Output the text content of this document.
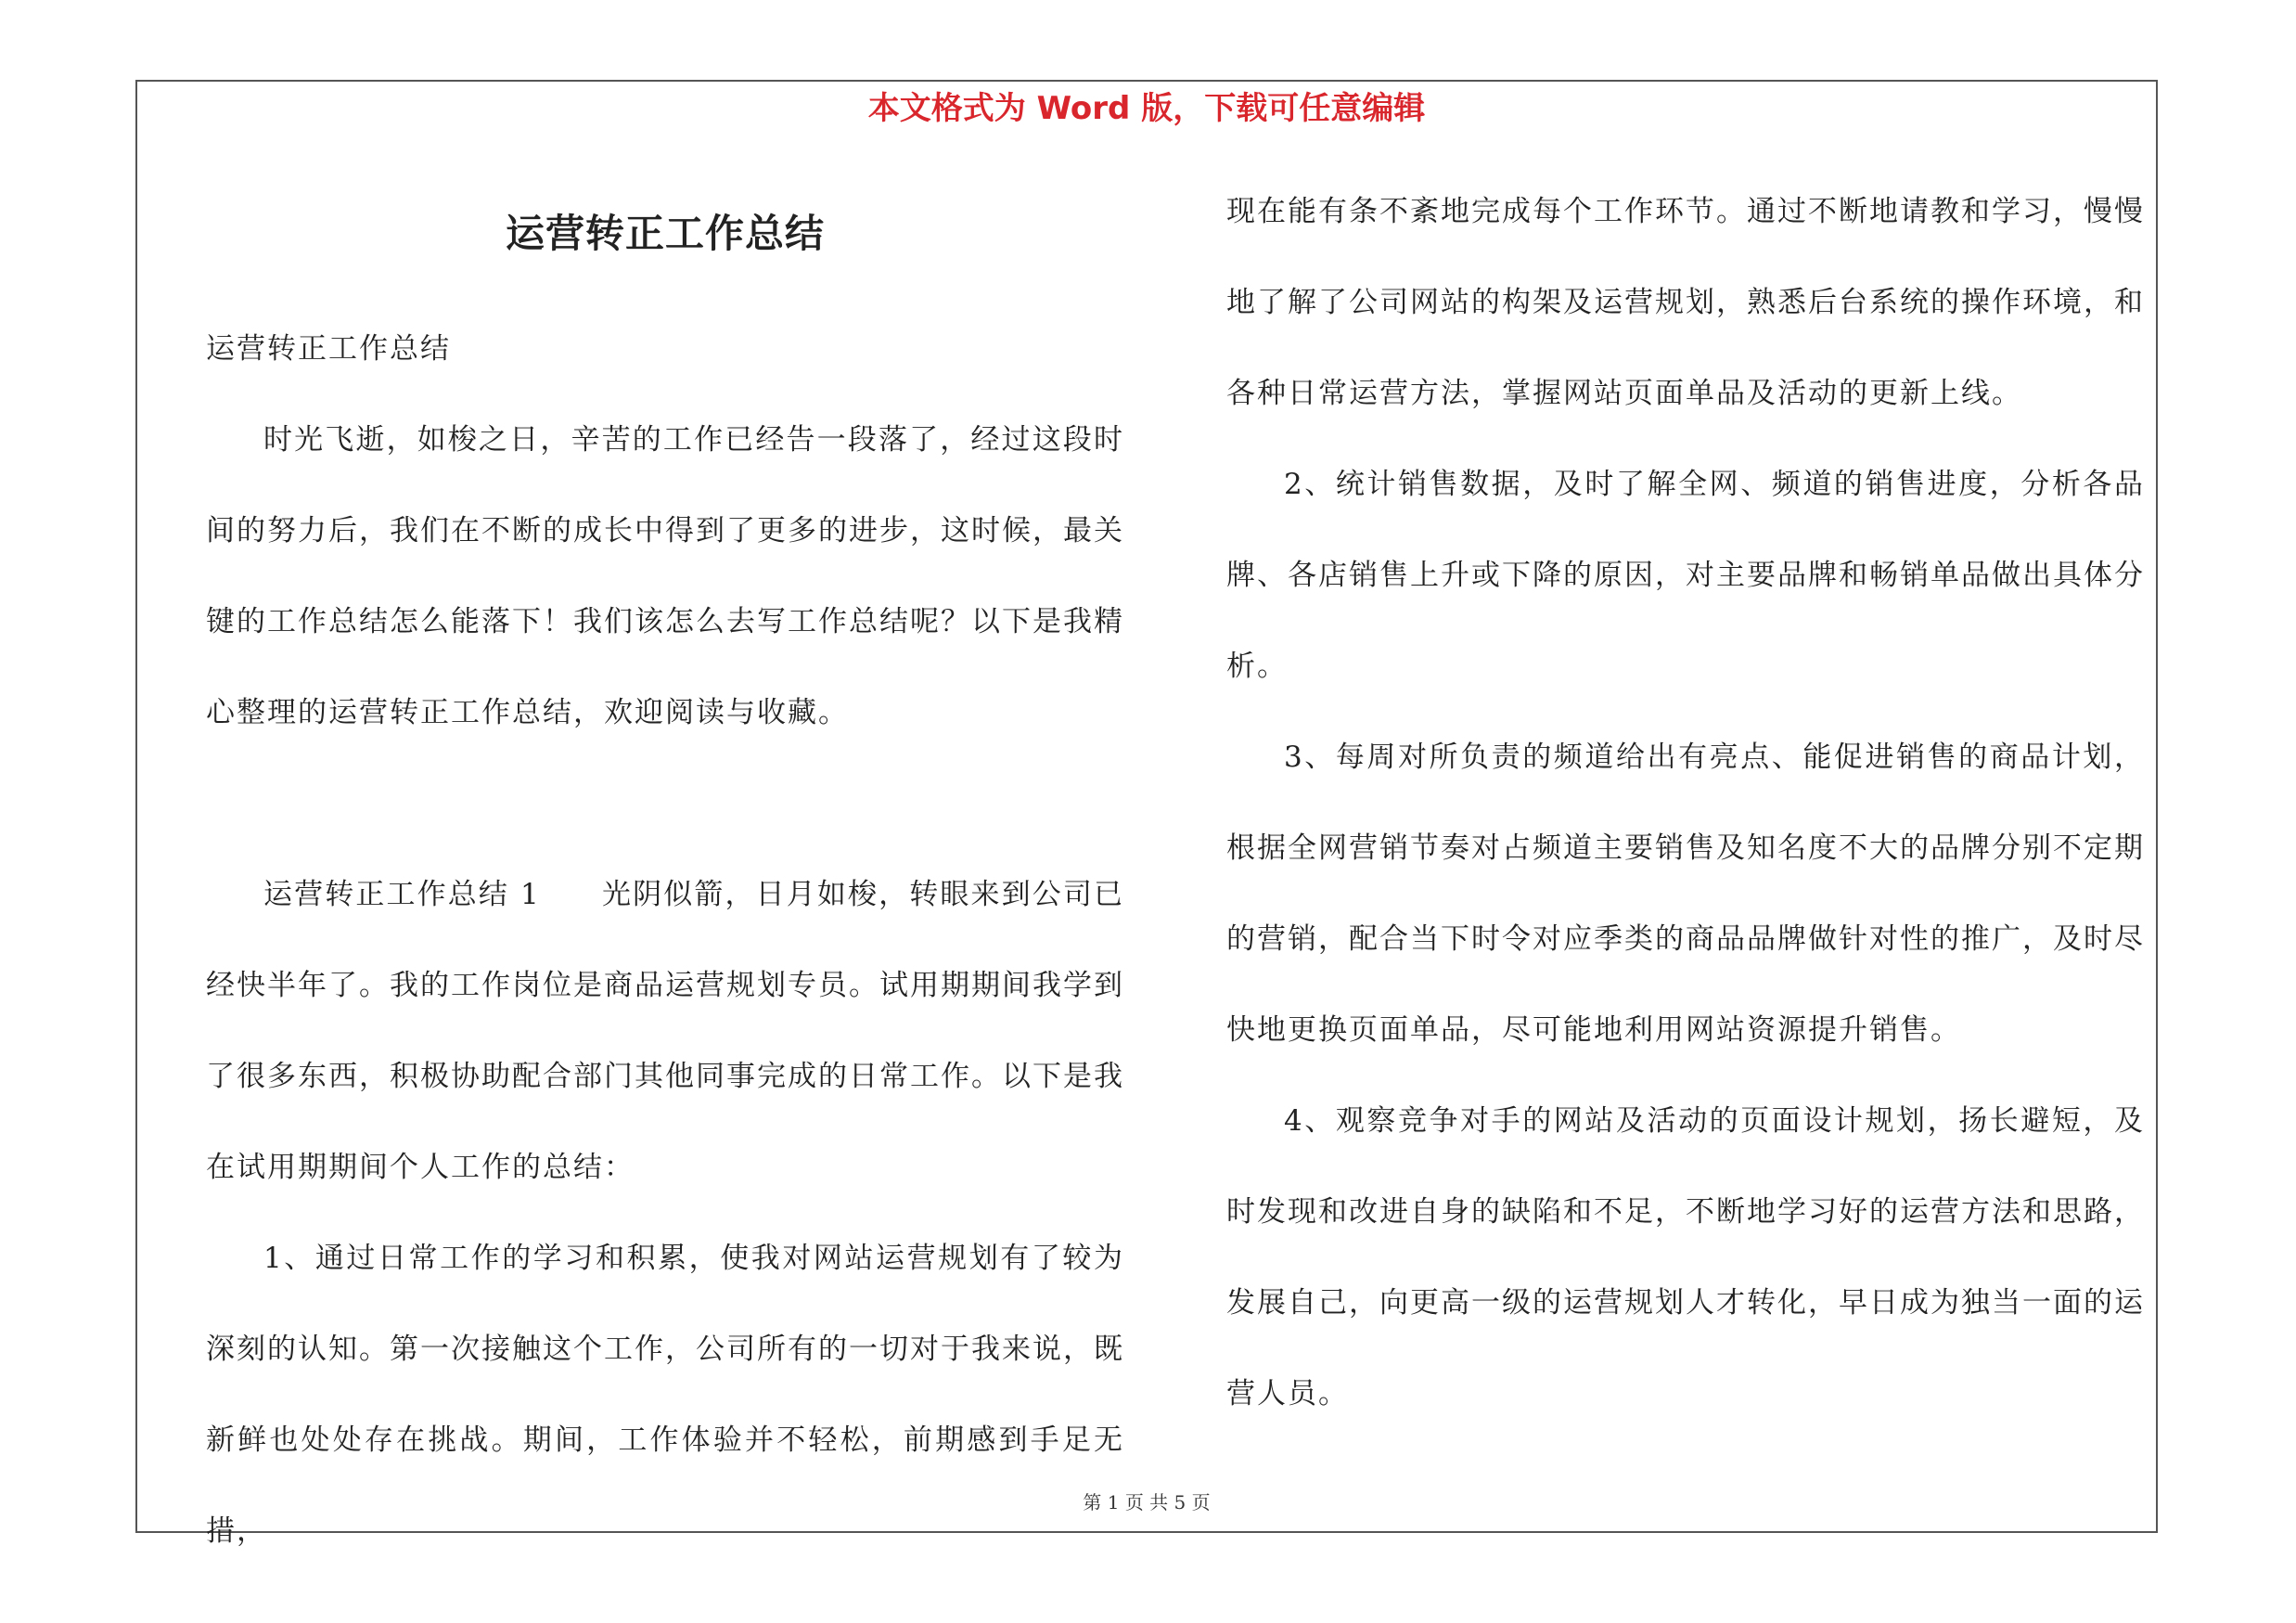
本文格式为 Word 版，下载可任意编辑
运营转正工作总结

运营转正工作总结

时光飞逝，如梭之日，辛苦的工作已经告一段落了，经过这段时间的努力后，我们在不断的成长中得到了更多的进步，这时候，最关键的工作总结怎么能落下！我们该怎么去写工作总结呢？以下是我精心整理的运营转正工作总结，欢迎阅读与收藏。

运营转正工作总结 1　　光阴似箭，日月如梭，转眼来到公司已经快半年了。我的工作岗位是商品运营规划专员。试用期期间我学到了很多东西，积极协助配合部门其他同事完成的日常工作。以下是我在试用期期间个人工作的总结：

1、通过日常工作的学习和积累，使我对网站运营规划有了较为深刻的认知。第一次接触这个工作，公司所有的一切对于我来说，既新鲜也处处存在挑战。期间，工作体验并不轻松，前期感到手足无措，

现在能有条不紊地完成每个工作环节。通过不断地请教和学习，慢慢地了解了公司网站的构架及运营规划，熟悉后台系统的操作环境，和各种日常运营方法，掌握网站页面单品及活动的更新上线。

2、统计销售数据，及时了解全网、频道的销售进度，分析各品牌、各店销售上升或下降的原因，对主要品牌和畅销单品做出具体分析。

3、每周对所负责的频道给出有亮点、能促进销售的商品计划，根据全网营销节奏对占频道主要销售及知名度不大的品牌分别不定期的营销，配合当下时令对应季类的商品品牌做针对性的推广，及时尽快地更换页面单品，尽可能地利用网站资源提升销售。

4、观察竞争对手的网站及活动的页面设计规划，扬长避短，及时发现和改进自身的缺陷和不足，不断地学习好的运营方法和思路，发展自己，向更高一级的运营规划人才转化，早日成为独当一面的运营人员。

第 1 页 共 5 页
